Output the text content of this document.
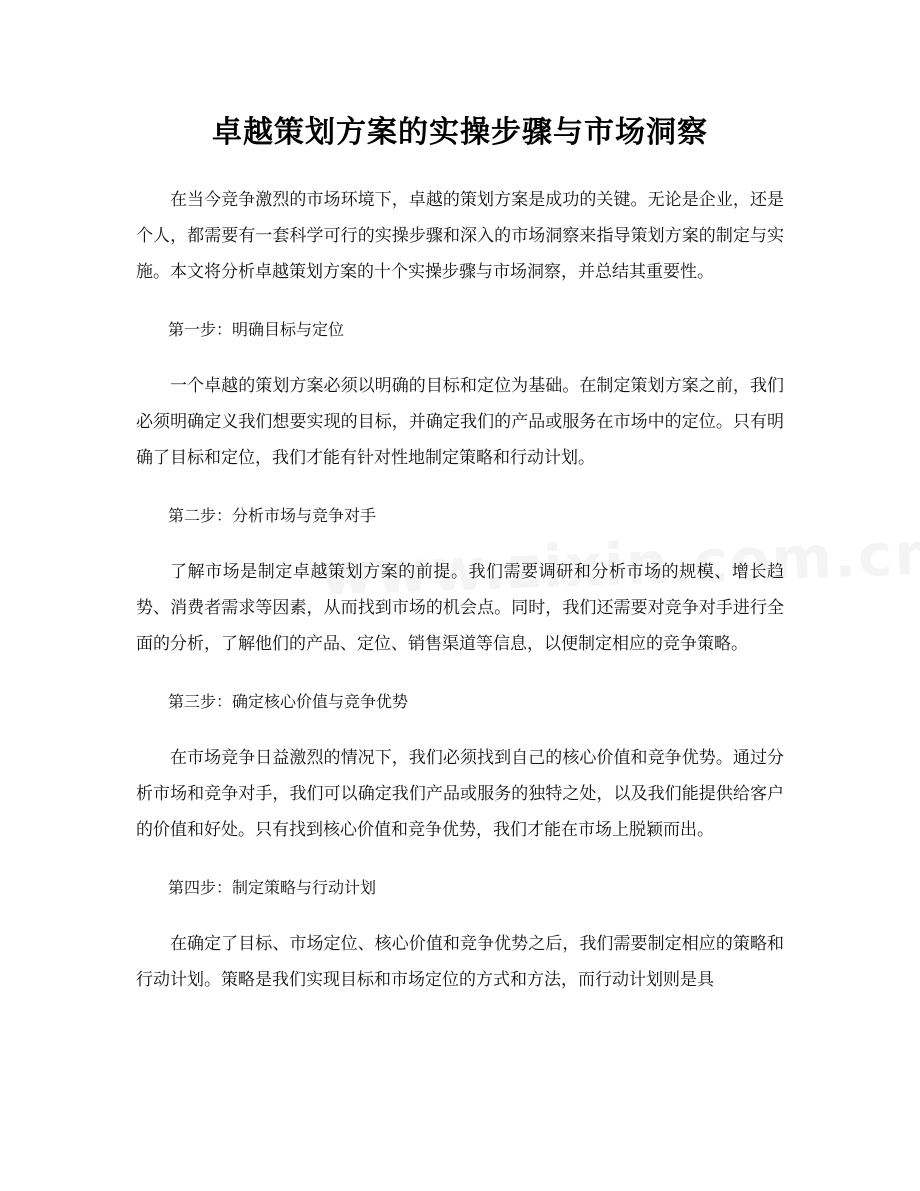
卓越策划方案的实操步骤与市场洞察

在当今竞争激烈的市场环境下，卓越的策划方案是成功的关键。无论是企业，还是个人，都需要有一套科学可行的实操步骤和深入的市场洞察来指导策划方案的制定与实施。本文将分析卓越策划方案的十个实操步骤与市场洞察，并总结其重要性。

第一步：明确目标与定位

一个卓越的策划方案必须以明确的目标和定位为基础。在制定策划方案之前，我们必须明确定义我们想要实现的目标，并确定我们的产品或服务在市场中的定位。只有明确了目标和定位，我们才能有针对性地制定策略和行动计划。

第二步：分析市场与竞争对手

了解市场是制定卓越策划方案的前提。我们需要调研和分析市场的规模、增长趋势、消费者需求等因素，从而找到市场的机会点。同时，我们还需要对竞争对手进行全面的分析，了解他们的产品、定位、销售渠道等信息，以便制定相应的竞争策略。

第三步：确定核心价值与竞争优势

在市场竞争日益激烈的情况下，我们必须找到自己的核心价值和竞争优势。通过分析市场和竞争对手，我们可以确定我们产品或服务的独特之处，以及我们能提供给客户的价值和好处。只有找到核心价值和竞争优势，我们才能在市场上脱颖而出。

第四步：制定策略与行动计划

在确定了目标、市场定位、核心价值和竞争优势之后，我们需要制定相应的策略和行动计划。策略是我们实现目标和市场定位的方式和方法，而行动计划则是具
